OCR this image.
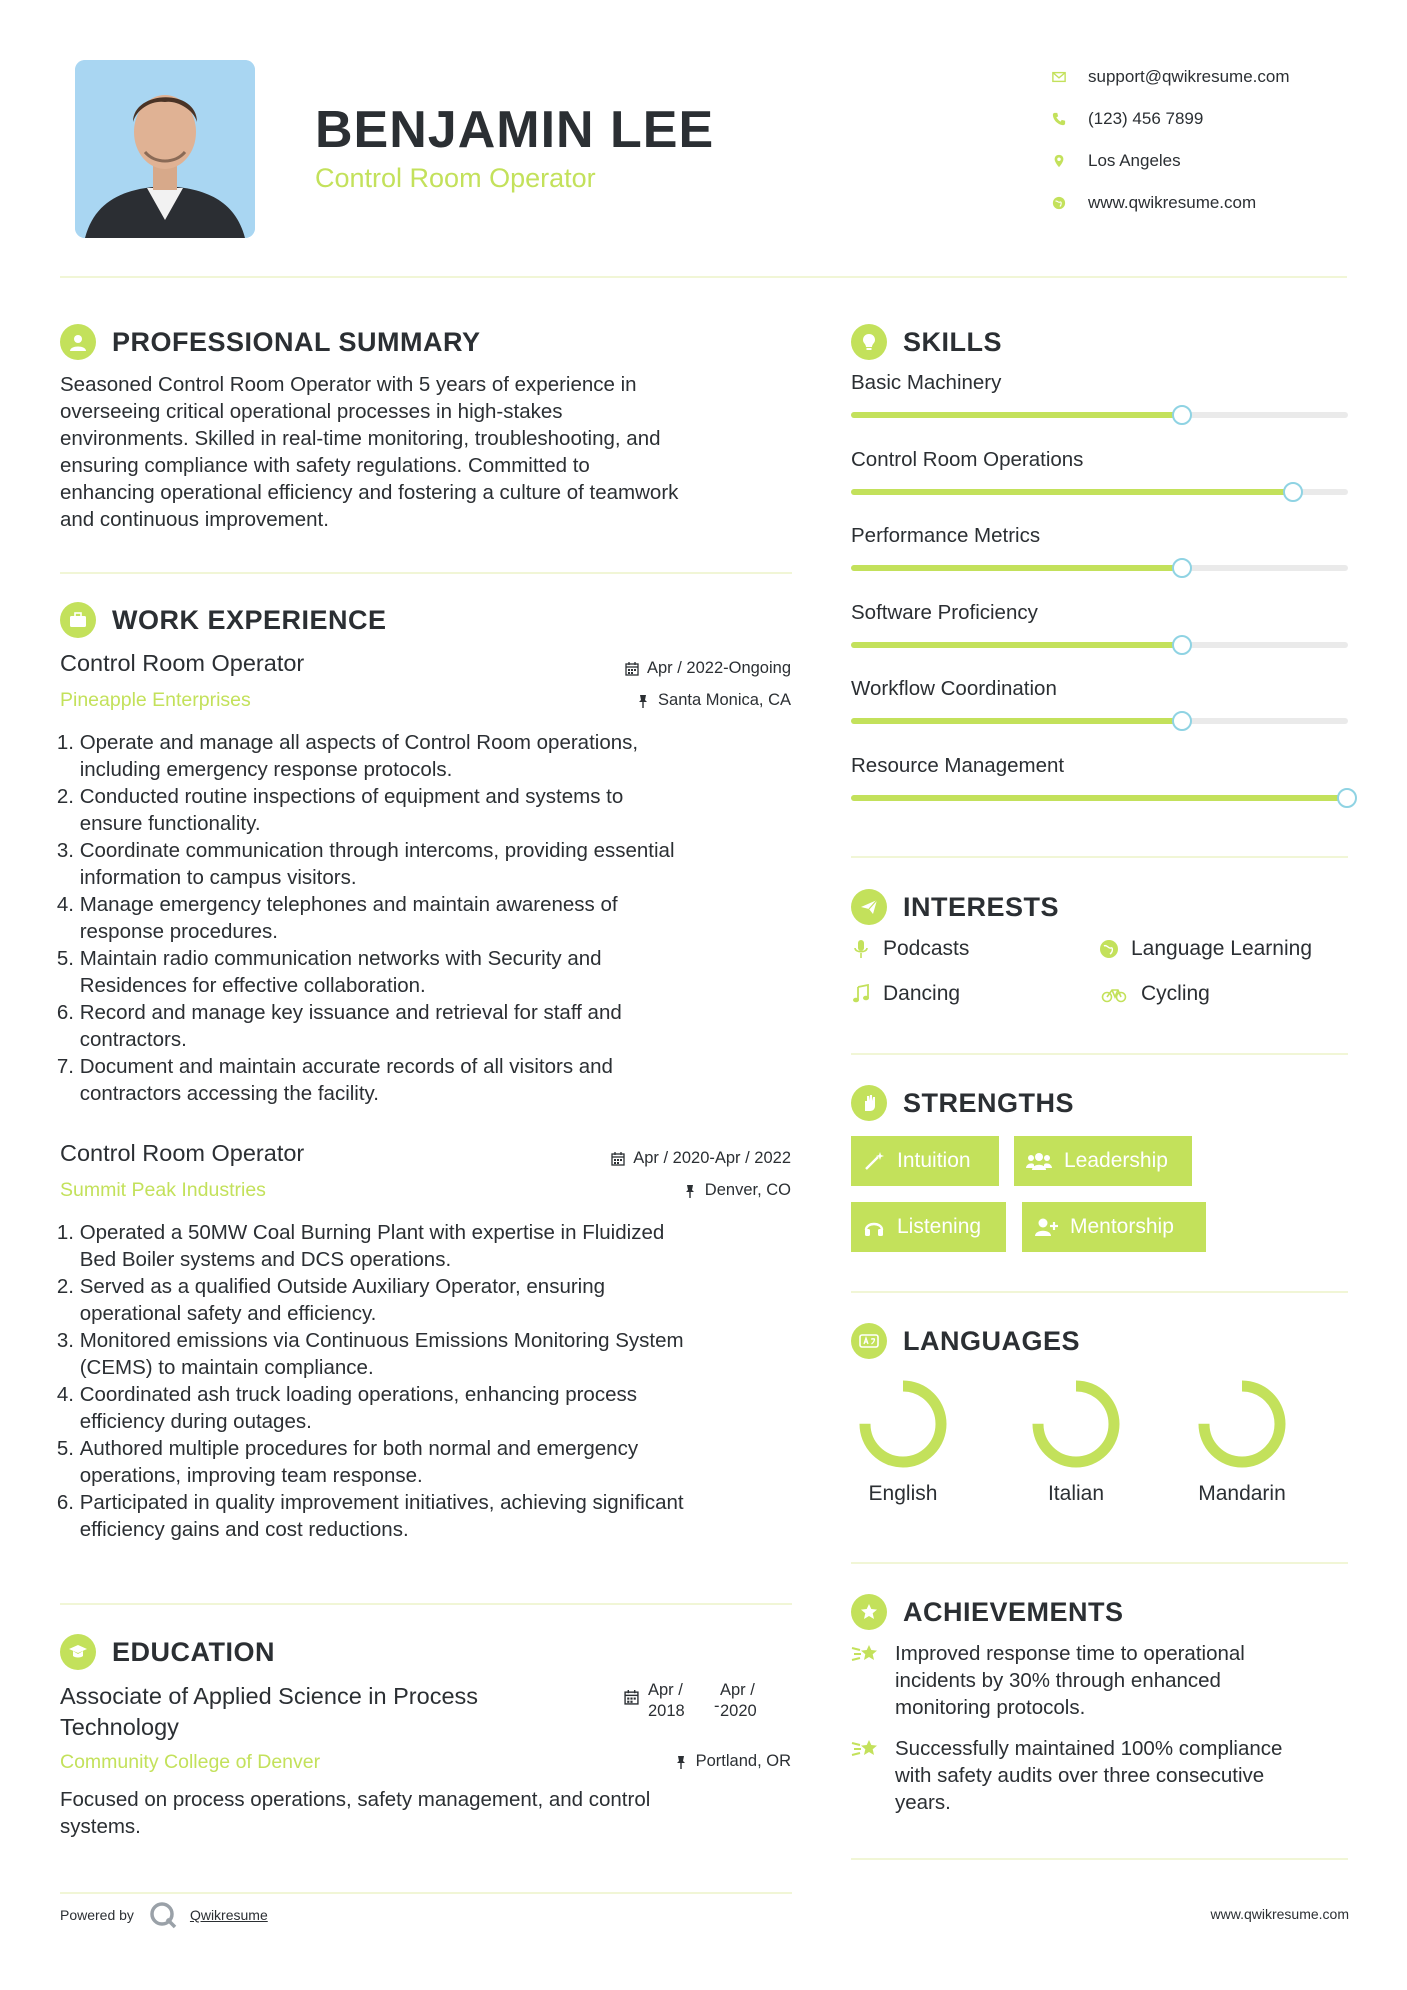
BENJAMIN LEE
Control Room Operator
support@qwikresume.com
(123) 456 7899
Los Angeles
www.qwikresume.com
PROFESSIONAL SUMMARY
Seasoned Control Room Operator with 5 years of experience in
overseeing critical operational processes in high-stakes
environments. Skilled in real-time monitoring, troubleshooting, and
ensuring compliance with safety regulations. Committed to
enhancing operational efficiency and fostering a culture of teamwork
and continuous improvement.
WORK EXPERIENCE
Control Room Operator
Pineapple Enterprises
Apr / 2022-Ongoing
Santa Monica, CA
1. Operate and manage all aspects of Control Room operations,
including emergency response protocols.
2. Conducted routine inspections of equipment and systems to
ensure functionality.
3. Coordinate communication through intercoms, providing essential
information to campus visitors.
4. Manage emergency telephones and maintain awareness of
response procedures.
5. Maintain radio communication networks with Security and
Residences for effective collaboration.
6. Record and manage key issuance and retrieval for staff and
contractors.
7. Document and maintain accurate records of all visitors and
contractors accessing the facility.
Control Room Operator
Summit Peak Industries
Apr / 2020-Apr / 2022
Denver, CO
1. Operated a 50MW Coal Burning Plant with expertise in Fluidized
Bed Boiler systems and DCS operations.
2. Served as a qualified Outside Auxiliary Operator, ensuring
operational safety and efficiency.
3. Monitored emissions via Continuous Emissions Monitoring System
(CEMS) to maintain compliance.
4. Coordinated ash truck loading operations, enhancing process
efficiency during outages.
5. Authored multiple procedures for both normal and emergency
operations, improving team response.
6. Participated in quality improvement initiatives, achieving significant
efficiency gains and cost reductions.
EDUCATION
Associate of Applied Science in Process
Technology
Community College of Denver
Apr /
2018 -
Apr /
2020
Portland, OR
Focused on process operations, safety management, and control
systems.
Powered by	Qwikresume	www.qwikresume.com
SKILLS
Basic Machinery
Control Room Operations
Performance Metrics
Software Proficiency
Workflow Coordination
Resource Management
INTERESTS
Podcasts	Language Learning
Dancing	Cycling
STRENGTHS
Intuition	Leadership
Listening	Mentorship
LANGUAGES
English	Italian	Mandarin
ACHIEVEMENTS
Improved response time to operational
incidents by 30% through enhanced
monitoring protocols.
Successfully maintained 100% compliance
with safety audits over three consecutive
years.
